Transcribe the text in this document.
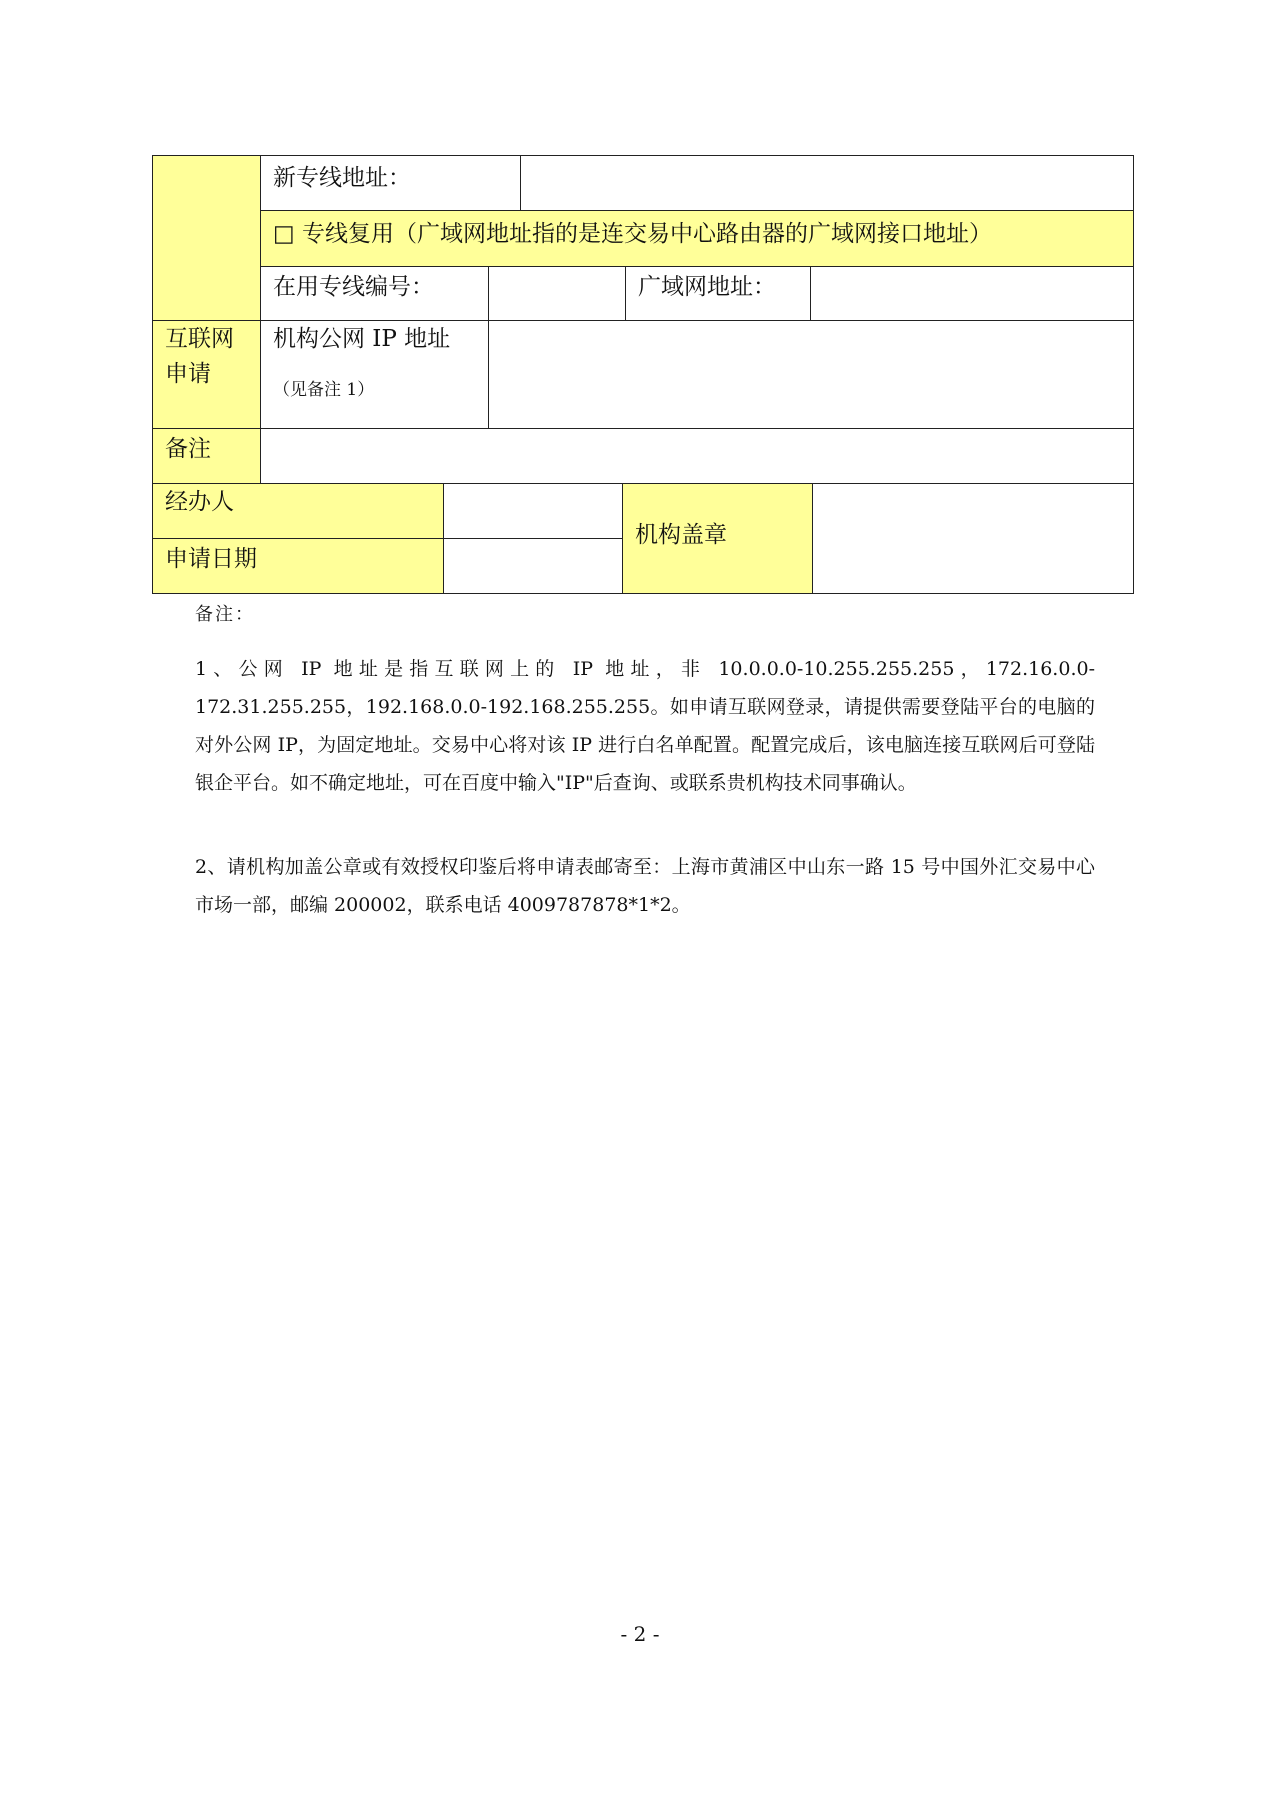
新专线地址：
□ 专线复用（广域网地址指的是连交易中心路由器的广域网接口地址）
在用专线编号：	广域网地址：
互联网
申请
机构公网 IP 地址
（见备注 1）
备注
经办人
机构盖章
申请日期
备注：
1、公网 IP 地址是指互联网上的 IP 地址，非 10.0.0.0-10.255.255.255，172.16.0.0-172.31.255.255，192.168.0.0-192.168.255.255。如申请互联网登录，请提供需要登陆平台的电脑的对外公网 IP，为固定地址。交易中心将对该 IP 进行白名单配置。配置完成后，该电脑连接互联网后可登陆银企平台。如不确定地址，可在百度中输入"IP"后查询、或联系贵机构技术同事确认。
2、请机构加盖公章或有效授权印鉴后将申请表邮寄至：上海市黄浦区中山东一路 15 号中国外汇交易中心市场一部，邮编 200002，联系电话 4009787878*1*2。
- 2 -
